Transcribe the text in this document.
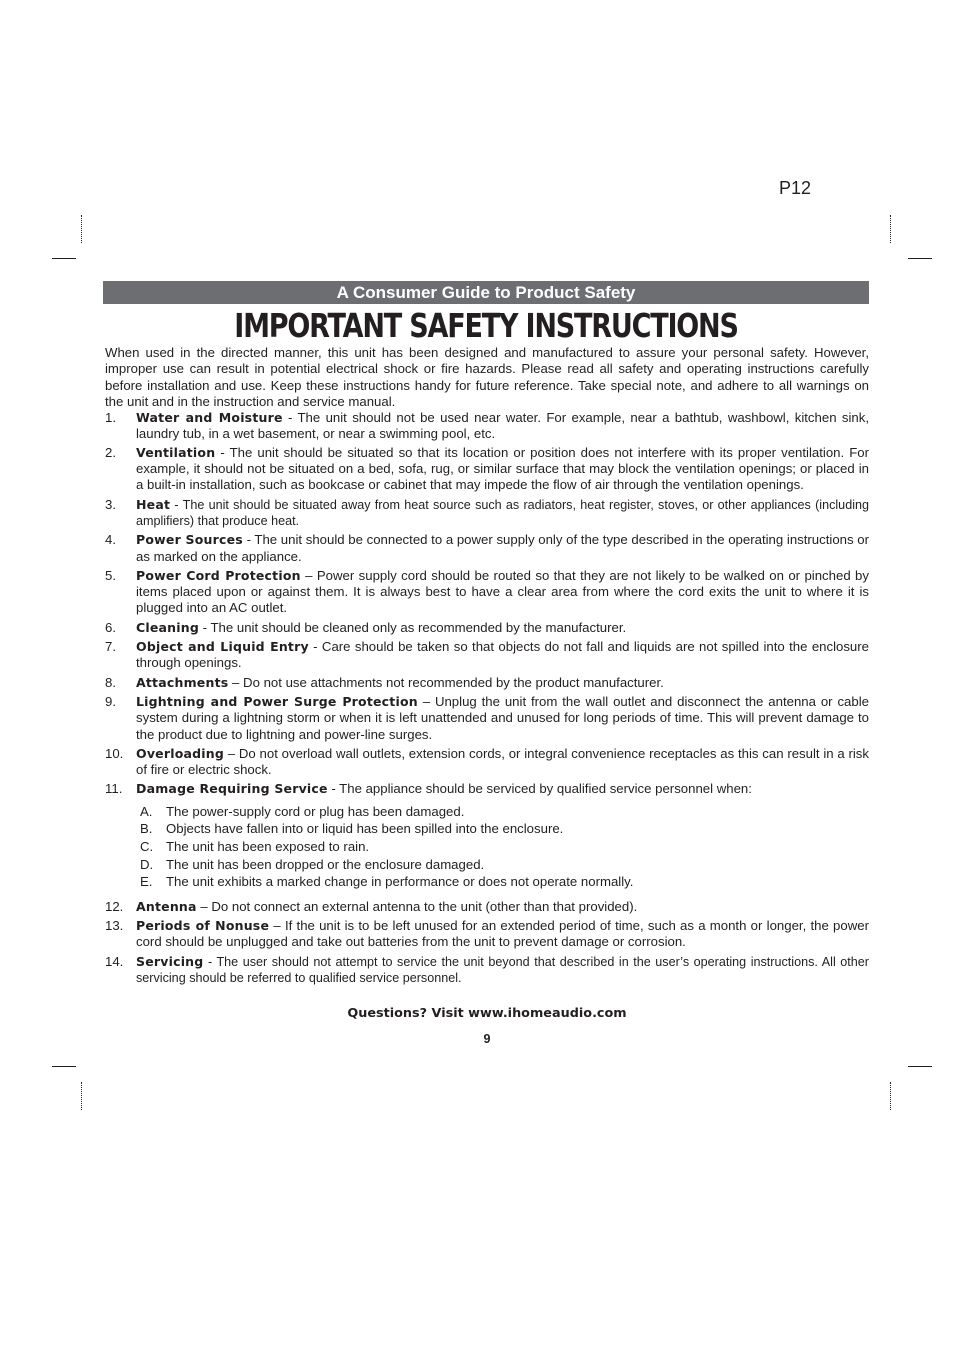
P12
A Consumer Guide to Product Safety
IMPORTANT SAFETY INSTRUCTIONS

When used in the directed manner, this unit has been designed and manufactured to assure your personal safety. However, improper use can result in potential electrical shock or fire hazards. Please read all safety and operating instructions carefully before installation and use. Keep these instructions handy for future reference. Take special note, and adhere to all warnings on the unit and in the instruction and service manual.

1.	Water and Moisture - The unit should not be used near water. For example, near a bathtub, washbowl, kitchen sink, laundry tub, in a wet basement, or near a swimming pool, etc.
2.	Ventilation - The unit should be situated so that its location or position does not interfere with its proper ventilation. For example, it should not be situated on a bed, sofa, rug, or similar surface that may block the ventilation openings; or placed in a built-in installation, such as bookcase or cabinet that may impede the flow of air through the ventilation openings.
3.	Heat - The unit should be situated away from heat source such as radiators, heat register, stoves, or other appliances (including amplifiers) that produce heat.
4.	Power Sources - The unit should be connected to a power supply only of the type described in the operating instructions or as marked on the appliance.
5.	Power Cord Protection – Power supply cord should be routed so that they are not likely to be walked on or pinched by items placed upon or against them. It is always best to have a clear area from where the cord exits the unit to where it is plugged into an AC outlet.
6.	Cleaning - The unit should be cleaned only as recommended by the manufacturer.
7.	Object and Liquid Entry - Care should be taken so that objects do not fall and liquids are not spilled into the enclosure through openings.
8.	Attachments – Do not use attachments not recommended by the product manufacturer.
9.	Lightning and Power Surge Protection – Unplug the unit from the wall outlet and disconnect the antenna or cable system during a lightning storm or when it is left unattended and unused for long periods of time. This will prevent damage to the product due to lightning and power-line surges.
10.	Overloading – Do not overload wall outlets, extension cords, or integral convenience receptacles as this can result in a risk of fire or electric shock.
11.	Damage Requiring Service - The appliance should be serviced by qualified service personnel when:
A.	The power-supply cord or plug has been damaged.
B.	Objects have fallen into or liquid has been spilled into the enclosure.
C. The unit has been exposed to rain.
D. The unit has been dropped or the enclosure damaged.
E.	The unit exhibits a marked change in performance or does not operate normally.
12.	Antenna – Do not connect an external antenna to the unit (other than that provided).
13.	Periods of Nonuse – If the unit is to be left unused for an extended period of time, such as a month or longer, the power cord should be unplugged and take out batteries from the unit to prevent damage or corrosion.
14.	Servicing - The user should not attempt to service the unit beyond that described in the user’s operating instructions. All other servicing should be referred to qualified service personnel.
Questions? Visit www.ihomeaudio.com
9
